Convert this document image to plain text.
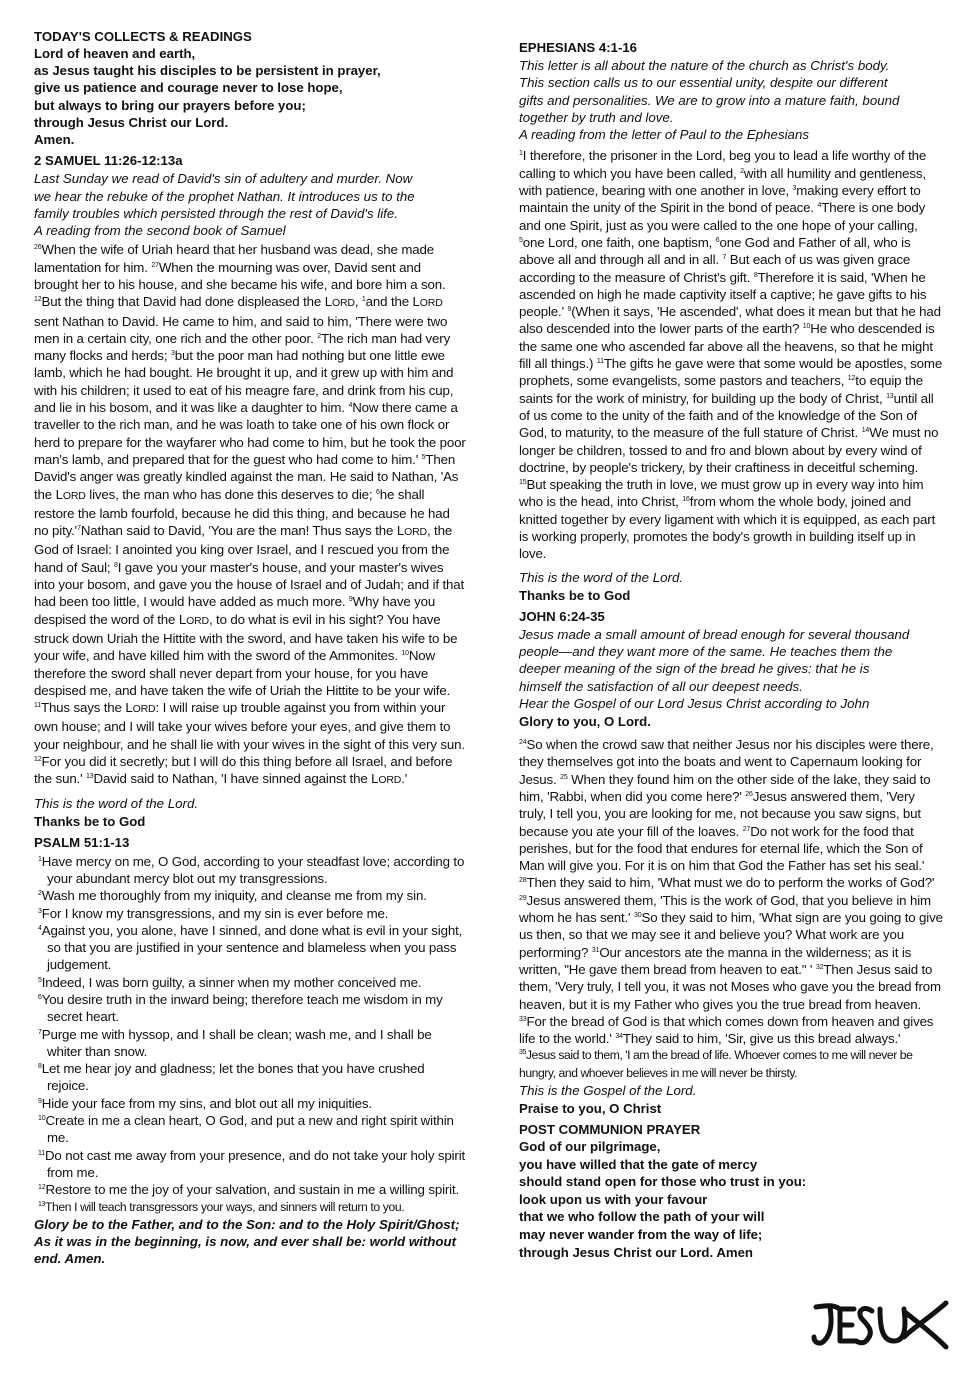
TODAY'S COLLECTS & READINGS

Lord of heaven and earth,

as Jesus taught his disciples to be persistent in prayer,

give us patience and courage never to lose hope,

but always to bring our prayers before you;

through Jesus Christ our Lord.

Amen.

2 SAMUEL 11:26-12:13a

Last Sunday we read of David's sin of adultery and murder. Now

we hear the rebuke of the prophet Nathan. It introduces us to the

family troubles which persisted through the rest of David's life.

A reading from the second book of Samuel

$^{26}$When the wife of Uriah heard that her husband was dead, she made lamentation for him. $^{27}$When the mourning was over, David sent and brought her to his house, and she became his wife, and bore him a son. $^{12}$But the thing that David had done displeased the LORD, $^1$and the LORD sent Nathan to David. He came to him, and said to him, 'There were two men in a certain city, one rich and the other poor. $^2$The rich man had very many flocks and herds; $^3$but the poor man had nothing but one little ewe lamb, which he had bought. He brought it up, and it grew up with him and with his children; it used to eat of his meagre fare, and drink from his cup, and lie in his bosom, and it was like a daughter to him. $^4$Now there came a traveller to the rich man, and he was loath to take one of his own flock or herd to prepare for the wayfarer who had come to him, but he took the poor man's lamb, and prepared that for the guest who had come to him.' $^5$Then David's anger was greatly kindled against the man. He said to Nathan, 'As the LORD lives, the man who has done this deserves to die; $^6$he shall restore the lamb fourfold, because he did this thing, and because he had no $pity.'^7Nathan$ said to David, 'You are the man! Thus says the LORD, the God of Israel: I anointed you king over Israel, and I rescued you from the hand of Saul; $^8$I gave you your master's house, and your master's wives into your bosom, and gave you the house of Israel and of Judah; and if that had been too little, I would have added as much more. $^9$Why have you despised the word of the LORD, to do what is evil in his sight? You have struck down Uriah the Hittite with the sword, and have taken his wife to be your wife, and have killed him with the sword of the Ammonites. $^{10}$Now therefore the sword shall never depart from your house, for you have despised me, and have taken the wife of Uriah the Hittite to be your wife. $^{11}$Thus says the LORD: I will raise up trouble against you from within your own house; and I will take your wives before your eyes, and give them to your neighbour, and he shall lie with your wives in the sight of this very sun. $^{12}$For you did it secretly; but I will do this thing before all Israel, and before the sun.' $^{13}$David said to Nathan, 'I have sinned against the LORD.'

This is the word of the Lord.

Thanks be to God

PSALM 51:1-13

$^1$Have mercy on me, O God, according to your steadfast love; according to your abundant mercy blot out my transgressions.

$^2$Wash me thoroughly from my iniquity, and cleanse me from my sin.

$^3$For I know my transgressions, and my sin is ever before me.

$^4$Against you, you alone, have I sinned, and done what is evil in your sight, so that you are justified in your sentence and blameless when you pass judgement.

$^5$Indeed, I was born guilty, a sinner when my mother conceived me.

$^6$You desire truth in the inward being; therefore teach me wisdom in my secret heart.

$^7$Purge me with hyssop, and I shall be clean; wash me, and I shall be whiter than snow.

$^8$Let me hear joy and gladness; let the bones that you have crushed rejoice.

$^9$Hide your face from my sins, and blot out all my iniquities.

$^{10}$Create in me a clean heart, O God, and put a new and right spirit within me.

$^{11}$Do not cast me away from your presence, and do not take your holy spirit from me.

$^{12}$Restore to me the joy of your salvation, and sustain in me a willing spirit.

$^{13}$Then I will teach transgressors your ways, and sinners will return to you.

Glory be to the Father, and to the Son: and to the Holy Spirit/Ghost; As it was in the beginning, is now, and ever shall be: world without end. Amen.

EPHESIANS 4:1-16

This letter is all about the nature of the church as Christ's body.

This section calls us to our essential unity, despite our different

gifts and personalities. We are to grow into a mature faith, bound

together by truth and love.

A reading from the letter of Paul to the Ephesians

$^1$I therefore, the prisoner in the Lord, beg you to lead a life worthy of the calling to which you have been called, $^2$with all humility and gentleness, with patience, bearing with one another in love, $^3$making every effort to maintain the unity of the Spirit in the bond of peace. $^4$There is one body and one Spirit, just as you were called to the one hope of your calling, $^5$one Lord, one faith, one baptism, $^6$one God and Father of all, who is above all and through all and in all. $^7$ But each of us was given grace according to the measure of Christ's gift. $^8$Therefore it is said, 'When he ascended on high he made captivity itself a captive; he gave gifts to his people.' $^9$(When it says, 'He ascended', what does it mean but that he had also descended into the lower parts of the earth? $^{10}$He who descended is the same one who ascended far above all the heavens, so that he might fill all things.) $^{11}$The gifts he gave were that some would be apostles, some prophets, some evangelists, some pastors and teachers, $^{12}$to equip the saints for the work of ministry, for building up the body of Christ, $^{13}$until all of us come to the unity of the faith and of the knowledge of the Son of God, to maturity, to the measure of the full stature of Christ. $^{14}$We must no longer be children, tossed to and fro and blown about by every wind of doctrine, by people's trickery, by their craftiness in deceitful scheming. $^{15}$But speaking the truth in love, we must grow up in every way into him who is the head, into Christ, $^{16}$from whom the whole body, joined and knitted together by every ligament with which it is equipped, as each part is working properly, promotes the body's growth in building itself up in love.

This is the word of the Lord.

Thanks be to God

JOHN 6:24-35

Jesus made a small amount of bread enough for several thousand

people—and they want more of the same. He teaches them the

deeper meaning of the sign of the bread he gives: that he is

himself the satisfaction of all our deepest needs.

Hear the Gospel of our Lord Jesus Christ according to John

Glory to you, O Lord.

$^{24}$So when the crowd saw that neither Jesus nor his disciples were there, they themselves got into the boats and went to Capernaum looking for Jesus. $^{25}$ When they found him on the other side of the lake, they said to him, 'Rabbi, when did you come here?' $^{26}$Jesus answered them, 'Very truly, I tell you, you are looking for me, not because you saw signs, but because you ate your fill of the loaves. $^{27}$Do not work for the food that perishes, but for the food that endures for eternal life, which the Son of Man will give you. For it is on him that God the Father has set his seal.' $^{28}$Then they said to him, 'What must we do to perform the works of God?' $^{29}$Jesus answered them, 'This is the work of God, that you believe in him whom he has sent.' $^{30}$So they said to him, 'What sign are you going to give us then, so that we may see it and believe you? What work are you performing? $^{31}$Our ancestors ate the manna in the wilderness; as it is written, "He gave them bread from heaven to eat." ' $^{32}$Then Jesus said to them, 'Very truly, I tell you, it was not Moses who gave you the bread from heaven, but it is my Father who gives you the true bread from heaven. $^{33}$For the bread of God is that which comes down from heaven and gives life to the world.' $^{34}$They said to him, 'Sir, give us this bread always.'

$^{35}$Jesus said to them, 'I am the bread of life. Whoever comes to me will never be hungry, and whoever believes in me will never be thirsty.

This is the Gospel of the Lord.

Praise to you, O Christ

POST COMMUNION PRAYER

God of our pilgrimage,

you have willed that the gate of mercy

should stand open for those who trust in you:

look upon us with your favour

that we who follow the path of your will

may never wander from the way of life;

through Jesus Christ our Lord. Amen
